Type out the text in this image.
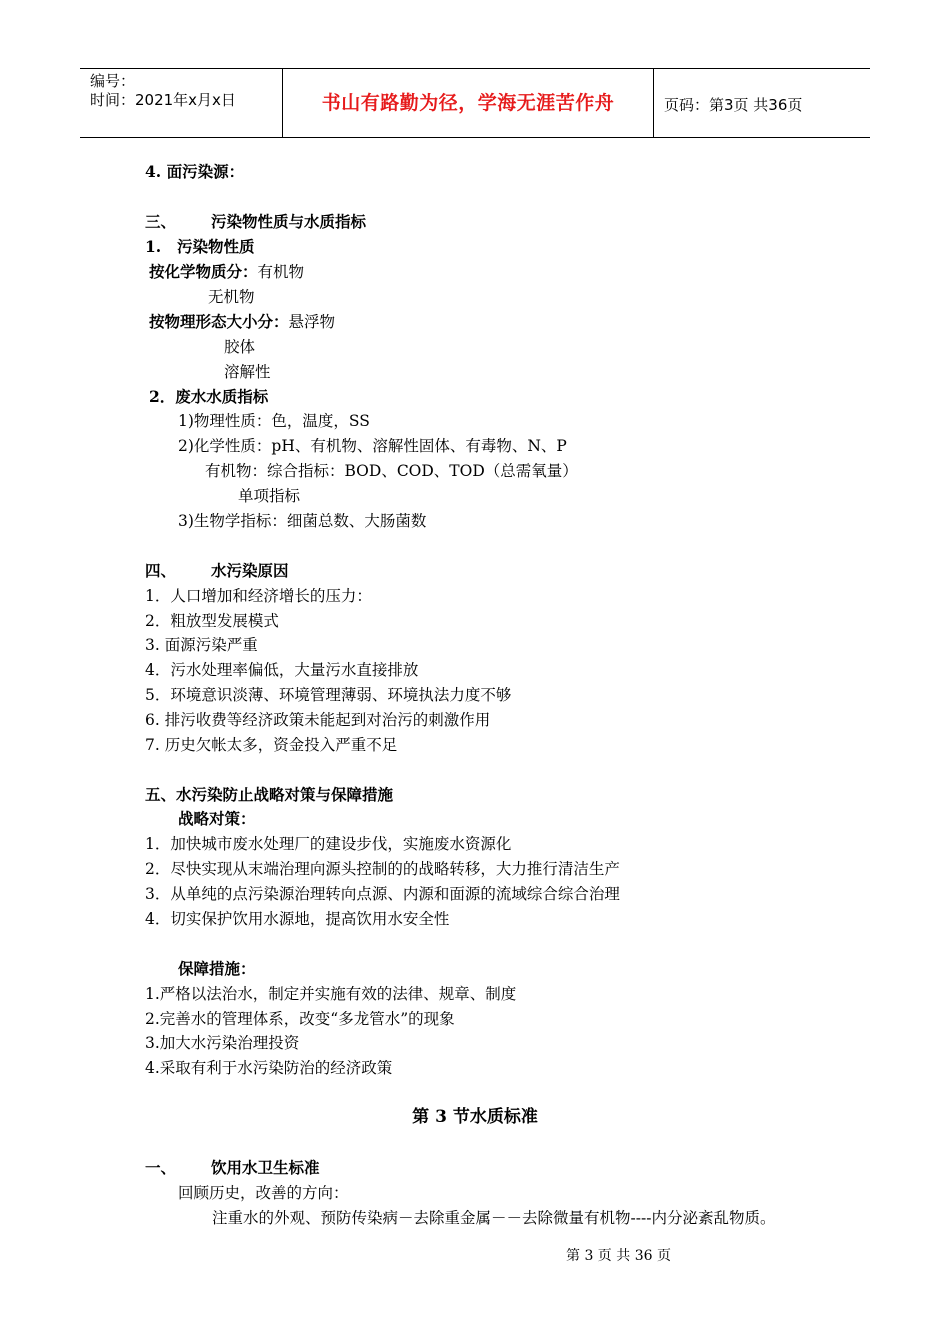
编号：
时间：2021年x月x日	书山有路勤为径，学海无涯苦作舟	页码：第3页 共36页
4. 面污染源：
三、 污染物性质与水质指标
1. 污染物性质
按化学物质分：有机物
无机物
按物理形态大小分：悬浮物
胶体
溶解性
2．废水水质指标
1)物理性质：色，温度，SS
2)化学性质：pH、有机物、溶解性固体、有毒物、N、P
有机物：综合指标：BOD、COD、TOD（总需氧量）
单项指标
3)生物学指标：细菌总数、大肠菌数
四、 水污染原因
1．人口增加和经济增长的压力：
2．粗放型发展模式
3. 面源污染严重
4．污水处理率偏低，大量污水直接排放
5．环境意识淡薄、环境管理薄弱、环境执法力度不够
6. 排污收费等经济政策未能起到对治污的刺激作用
7. 历史欠帐太多，资金投入严重不足
五、水污染防止战略对策与保障措施
战略对策：
1．加快城市废水处理厂的建设步伐，实施废水资源化
2．尽快实现从末端治理向源头控制的的战略转移，大力推行清洁生产
3．从单纯的点污染源治理转向点源、内源和面源的流域综合综合治理
4．切实保护饮用水源地，提高饮用水安全性
保障措施：
1.严格以法治水，制定并实施有效的法律、规章、制度
2.完善水的管理体系，改变“多龙管水”的现象
3.加大水污染治理投资
4.采取有利于水污染防治的经济政策
第 3 节水质标准
一、 饮用水卫生标准
回顾历史，改善的方向：
注重水的外观、预防传染病－去除重金属－－去除微量有机物----内分泌紊乱物质。
第 3 页 共 36 页
